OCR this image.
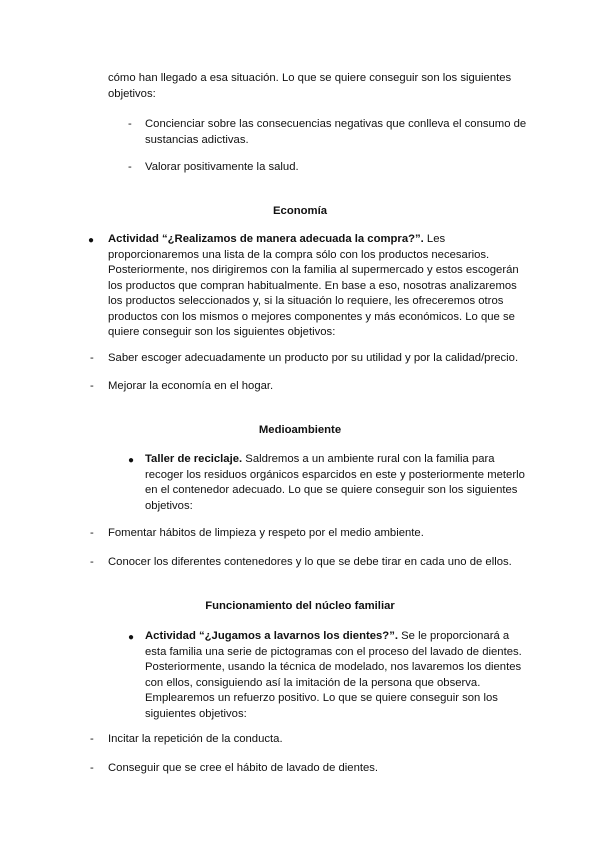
cómo han llegado a esa situación. Lo que se quiere conseguir son los siguientes
objetivos:
- Concienciar sobre las consecuencias negativas que conlleva el consumo de sustancias adictivas.
- Valorar positivamente la salud.
Economía
● Actividad “¿Realizamos de manera adecuada la compra?”. Les proporcionaremos una lista de la compra sólo con los productos necesarios. Posteriormente, nos dirigiremos con la familia al supermercado y estos escogerán los productos que compran habitualmente. En base a eso, nosotras analizaremos los productos seleccionados y, si la situación lo requiere, les ofreceremos otros productos con los mismos o mejores componentes y más económicos. Lo que se quiere conseguir son los siguientes objetivos:
- Saber escoger adecuadamente un producto por su utilidad y por la calidad/precio.
- Mejorar la economía en el hogar.
Medioambiente
● Taller de reciclaje. Saldremos a un ambiente rural con la familia para recoger los residuos orgánicos esparcidos en este y posteriormente meterlo en el contenedor adecuado. Lo que se quiere conseguir son los siguientes objetivos:
- Fomentar hábitos de limpieza y respeto por el medio ambiente.
- Conocer los diferentes contenedores y lo que se debe tirar en cada uno de ellos.
Funcionamiento del núcleo familiar
● Actividad “¿Jugamos a lavarnos los dientes?”. Se le proporcionará a esta familia una serie de pictogramas con el proceso del lavado de dientes. Posteriormente, usando la técnica de modelado, nos lavaremos los dientes con ellos, consiguiendo así la imitación de la persona que observa. Emplearemos un refuerzo positivo. Lo que se quiere conseguir son los siguientes objetivos:
- Incitar la repetición de la conducta.
- Conseguir que se cree el hábito de lavado de dientes.
